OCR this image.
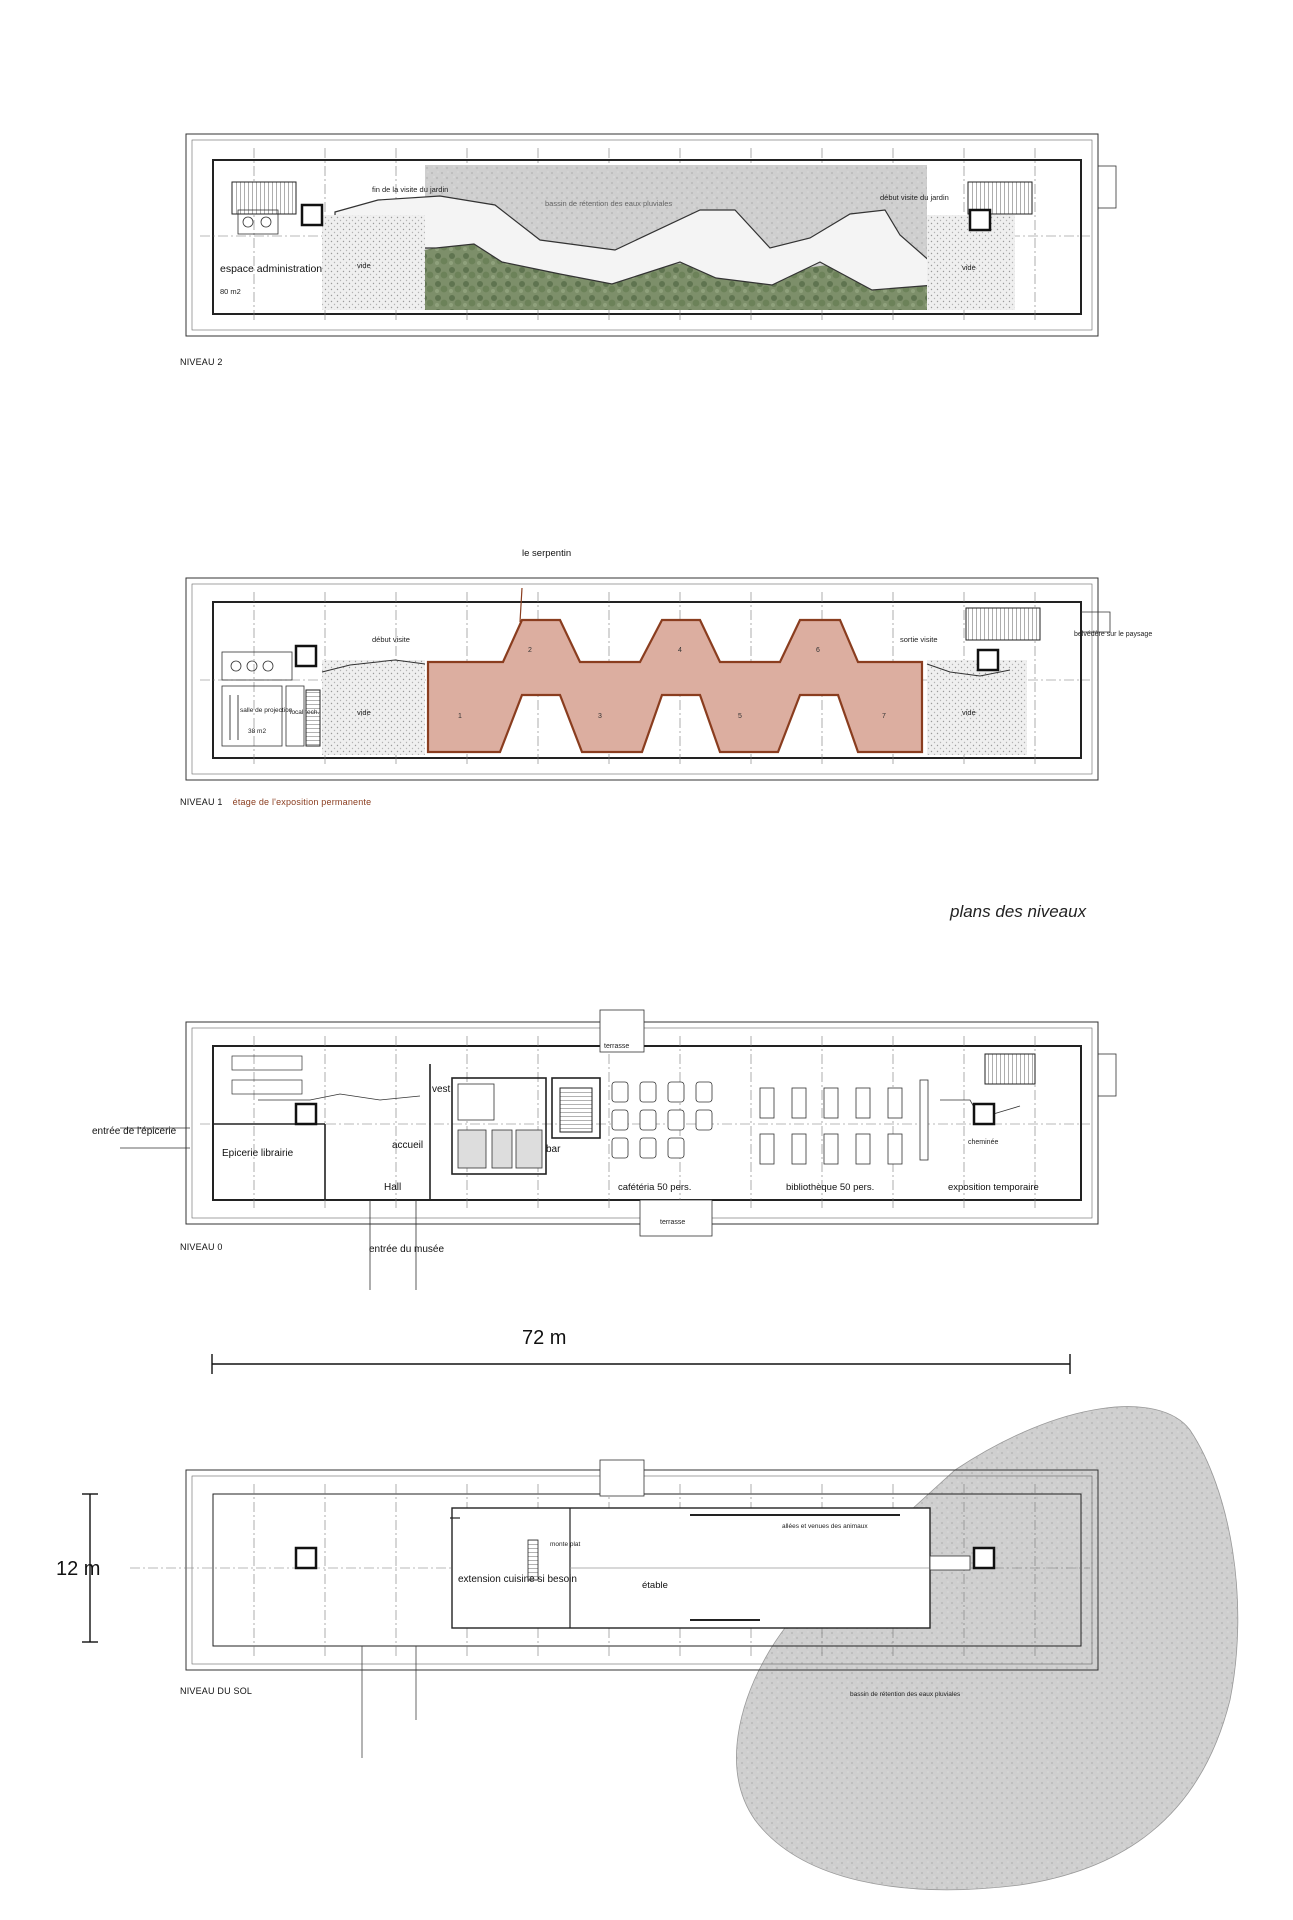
fin de la visite du jardin
bassin de rétention des eaux pluviales
début visite du jardin
vide	vide
espace administration
80 m2
début visite	sortie visite
belvédère sur le paysage
vide	vide
salle de projection
38 m2
local tech.
1
2
3
4
5
6
7
le serpentin
Epicerie librairie
accueil
Hall
vest
bar
cafétéria 50 pers.	bibliothèque 50 pers.	exposition temporaire
cheminée
terrasse
terrasse
entrée de l'épicerie
entrée du musée
72 m
extension cuisine si besoin
étable
monte plat
allées et venues des animaux
bassin de rétention des eaux pluviales
12 m
NIVEAU 2
NIVEAU 1 étage de l'exposition permanente
NIVEAU 0
NIVEAU DU SOL
plans des niveaux
